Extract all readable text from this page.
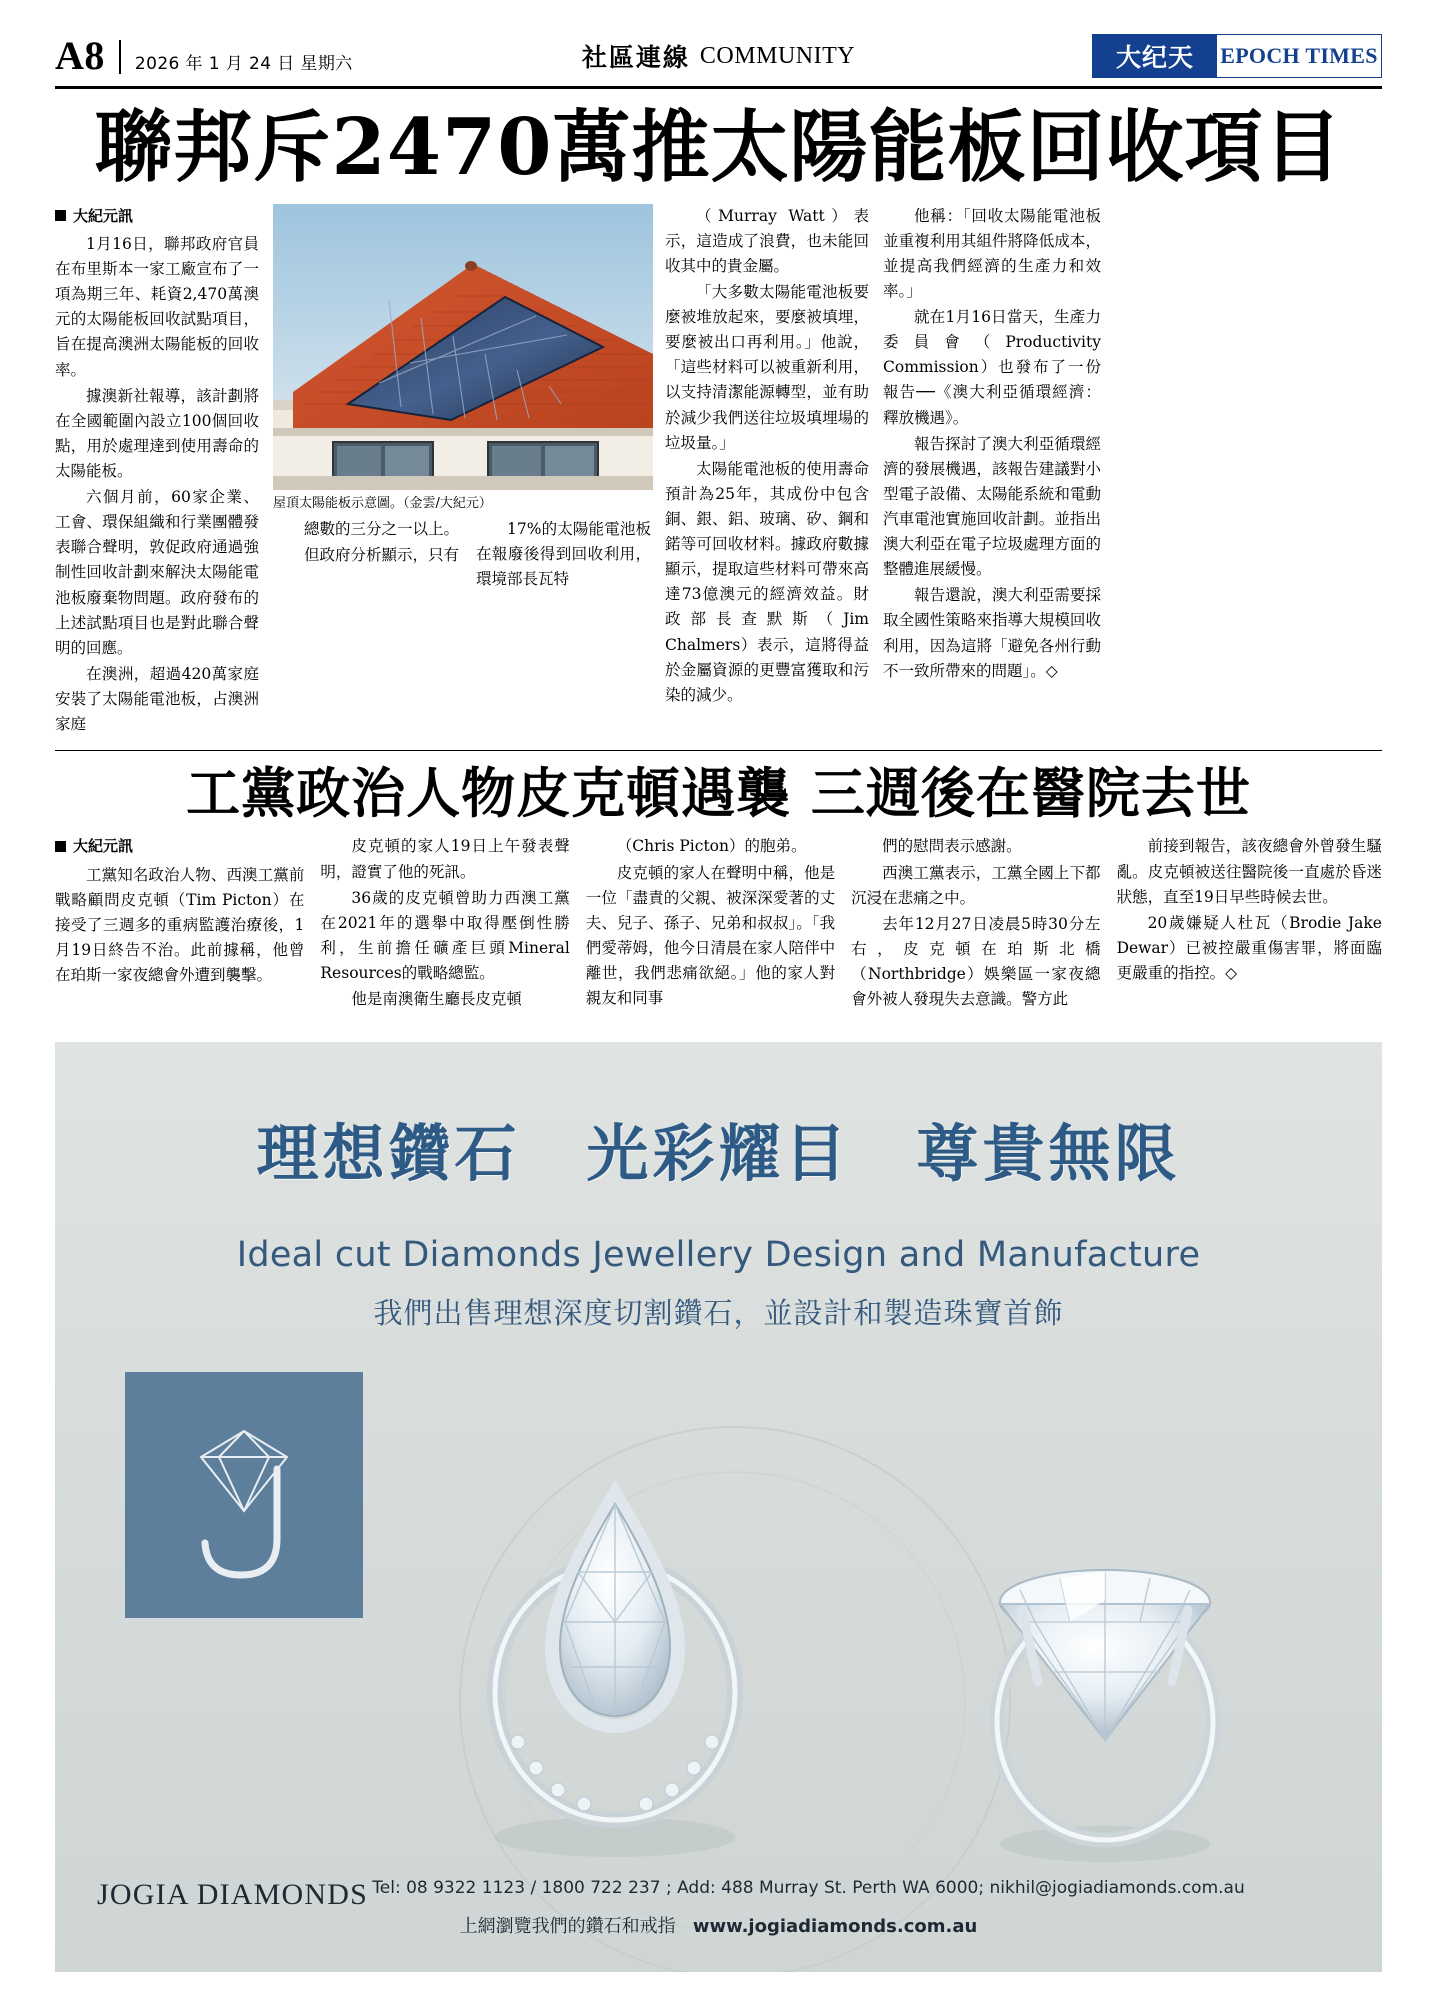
A8	2026 年 1 月 24 日 星期六	社區連線 COMMUNITY	大纪天	EPOCH TIMES
聯邦斥2470萬推太陽能板回收項目
大紀元訊

1月16日，聯邦政府官員在布里斯本一家工廠宣布了一項為期三年、耗資2,470萬澳元的太陽能板回收試點項目，旨在提高澳洲太陽能板的回收率。

據澳新社報導，該計劃將在全國範圍內設立100個回收點，用於處理達到使用壽命的太陽能板。

六個月前，60家企業、工會、環保組織和行業團體發表聯合聲明，敦促政府通過強制性回收計劃來解決太陽能電池板廢棄物問題。政府發布的上述試點項目也是對此聯合聲明的回應。

在澳洲，超過420萬家庭安裝了太陽能電池板，占澳洲家庭

屋頂太陽能板示意圖。（金雲/大紀元）

總數的三分之一以上。

但政府分析顯示，只有

17%的太陽能電池板在報廢後得到回收利用，環境部長瓦特

（Murray Watt）表示，這造成了浪費，也未能回收其中的貴金屬。

「大多數太陽能電池板要麼被堆放起來，要麼被填埋，要麼被出口再利用。」他說，「這些材料可以被重新利用，以支持清潔能源轉型，並有助於減少我們送往垃圾填埋場的垃圾量。」

太陽能電池板的使用壽命預計為25年，其成份中包含銅、銀、鋁、玻璃、矽、鋼和鍩等可回收材料。據政府數據顯示，提取這些材料可帶來高達73億澳元的經濟效益。財政部長查默斯（Jim Chalmers）表示，這將得益於金屬資源的更豐富獲取和污染的減少。

他稱：「回收太陽能電池板並重複利用其組件將降低成本，並提高我們經濟的生產力和效率。」

就在1月16日當天，生產力委員會（Productivity Commission）也發布了一份報告──《澳大利亞循環經濟：釋放機遇》。

報告探討了澳大利亞循環經濟的發展機遇，該報告建議對小型電子設備、太陽能系統和電動汽車電池實施回收計劃。並指出澳大利亞在電子垃圾處理方面的整體進展緩慢。

報告還說，澳大利亞需要採取全國性策略來指導大規模回收利用，因為這將「避免各州行動不一致所帶來的問題」。◇

工黨政治人物皮克頓遇襲 三週後在醫院去世
大紀元訊

工黨知名政治人物、西澳工黨前戰略顧問皮克頓（Tim Picton）在接受了三週多的重病監護治療後，1月19日終告不治。此前據稱，他曾在珀斯一家夜總會外遭到襲擊。

皮克頓的家人19日上午發表聲明，證實了他的死訊。

36歲的皮克頓曾助力西澳工黨在2021年的選舉中取得壓倒性勝利，生前擔任礦產巨頭Mineral Resources的戰略總監。

他是南澳衛生廳長皮克頓

（Chris Picton）的胞弟。

皮克頓的家人在聲明中稱，他是一位「盡責的父親、被深深愛著的丈夫、兒子、孫子、兄弟和叔叔」。「我們愛蒂姆，他今日清晨在家人陪伴中離世，我們悲痛欲絕。」他的家人對親友和同事

們的慰問表示感謝。

西澳工黨表示，工黨全國上下都沉浸在悲痛之中。

去年12月27日凌晨5時30分左右，皮克頓在珀斯北橋（Northbridge）娛樂區一家夜總會外被人發現失去意識。警方此

前接到報告，該夜總會外曾發生騷亂。皮克頓被送往醫院後一直處於昏迷狀態，直至19日早些時候去世。

20歲嫌疑人杜瓦（Brodie Jake Dewar）已被控嚴重傷害罪，將面臨更嚴重的指控。◇

理想鑽石　光彩耀目　尊貴無限
Ideal cut Diamonds Jewellery Design and Manufacture
我們出售理想深度切割鑽石，並設計和製造珠寶首飾
JOGIA DIAMONDS Tel: 08 9322 1123 / 1800 722 237 ; Add: 488 Murray St. Perth WA 6000; nikhil@jogiadiamonds.com.au
上網瀏覽我們的鑽石和戒指 www.jogiadiamonds.com.au
